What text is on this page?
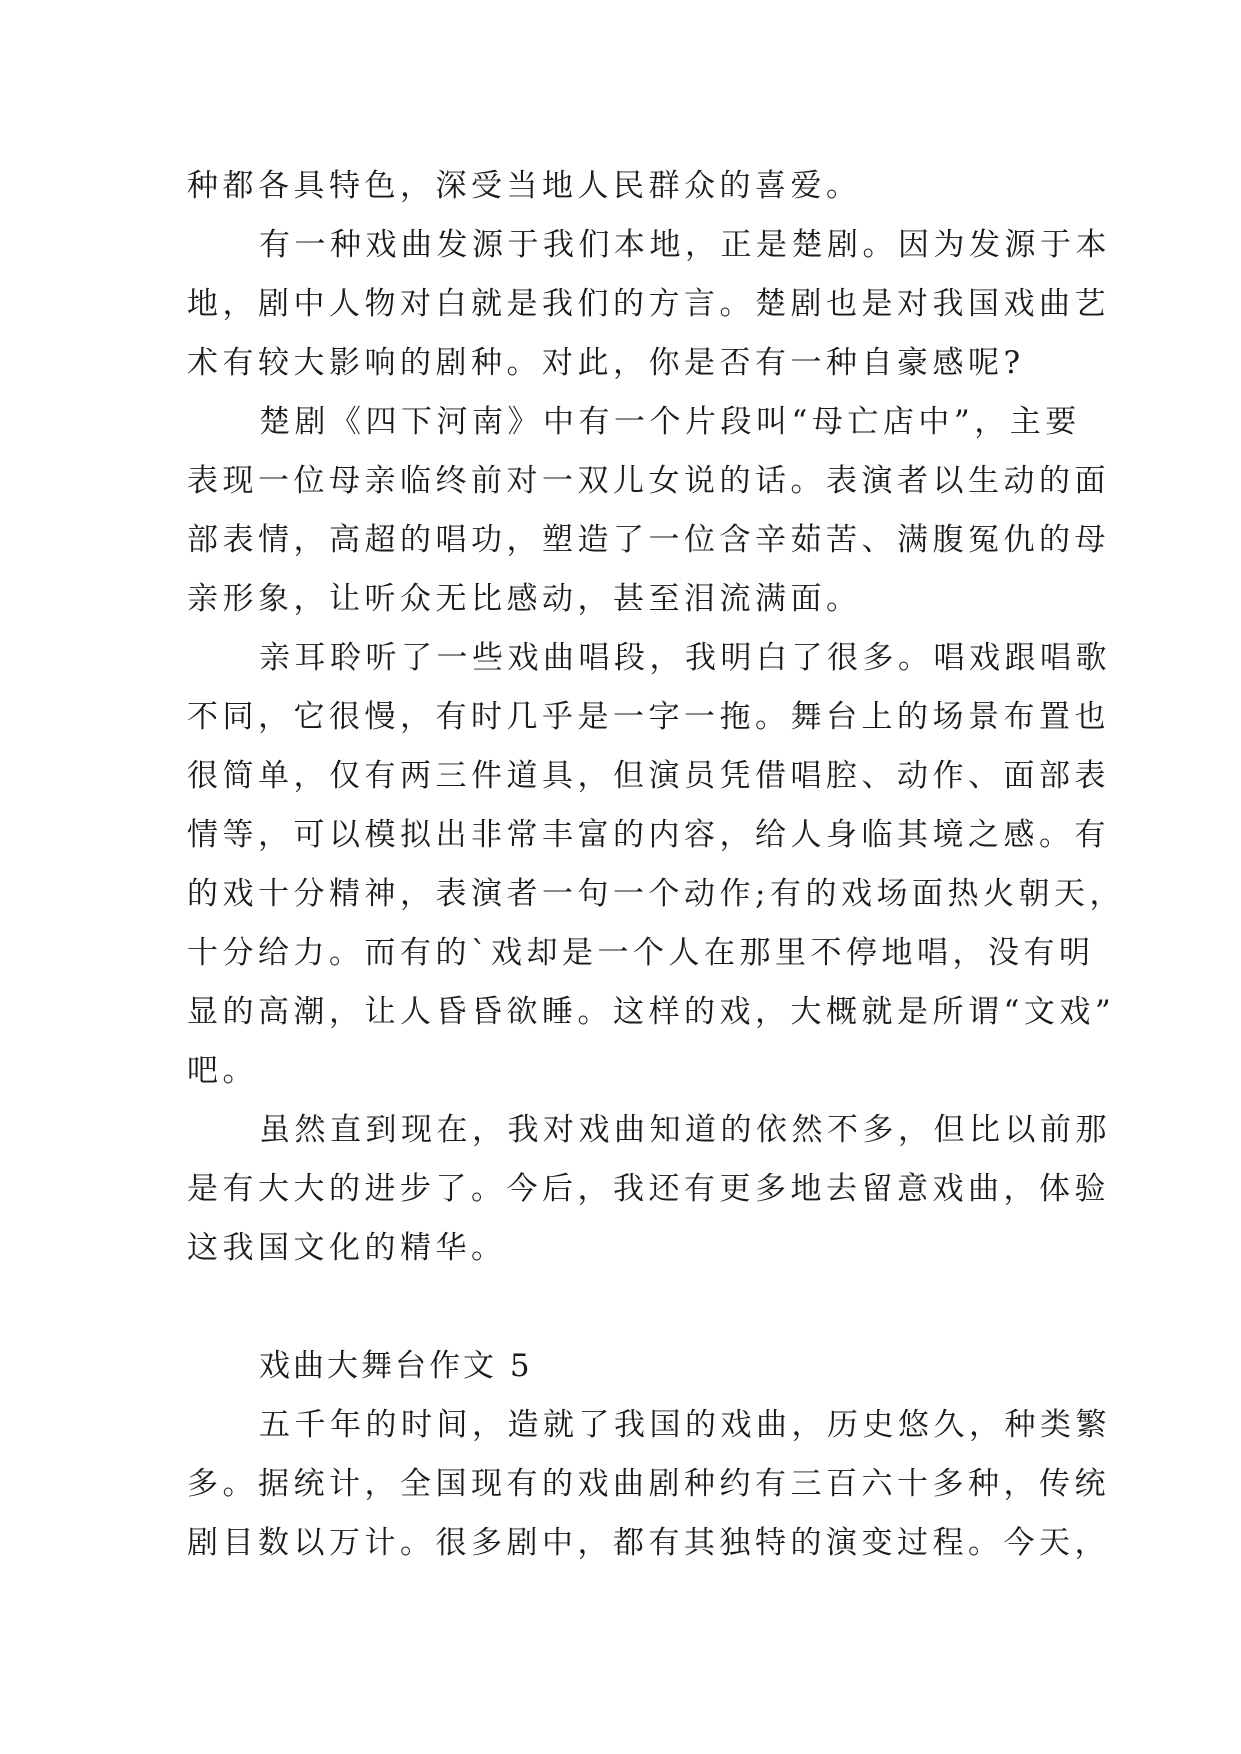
种都各具特色，深受当地人民群众的喜爱。
有一种戏曲发源于我们本地，正是楚剧。因为发源于本
地，剧中人物对白就是我们的方言。楚剧也是对我国戏曲艺
术有较大影响的剧种。对此，你是否有一种自豪感呢?
楚剧《四下河南》中有一个片段叫“母亡店中”，主要
表现一位母亲临终前对一双儿女说的话。表演者以生动的面
部表情，高超的唱功，塑造了一位含辛茹苦、满腹冤仇的母
亲形象，让听众无比感动，甚至泪流满面。
亲耳聆听了一些戏曲唱段，我明白了很多。唱戏跟唱歌
不同，它很慢，有时几乎是一字一拖。舞台上的场景布置也
很简单，仅有两三件道具，但演员凭借唱腔、动作、面部表
情等，可以模拟出非常丰富的内容，给人身临其境之感。有
的戏十分精神，表演者一句一个动作;有的戏场面热火朝天，
十分给力。而有的`戏却是一个人在那里不停地唱，没有明
显的高潮，让人昏昏欲睡。这样的戏，大概就是所谓“文戏”
吧。
虽然直到现在，我对戏曲知道的依然不多，但比以前那
是有大大的进步了。今后，我还有更多地去留意戏曲，体验
这我国文化的精华。
戏曲大舞台作文 5
五千年的时间，造就了我国的戏曲，历史悠久，种类繁
多。据统计，全国现有的戏曲剧种约有三百六十多种，传统
剧目数以万计。很多剧中，都有其独特的演变过程。今天，
